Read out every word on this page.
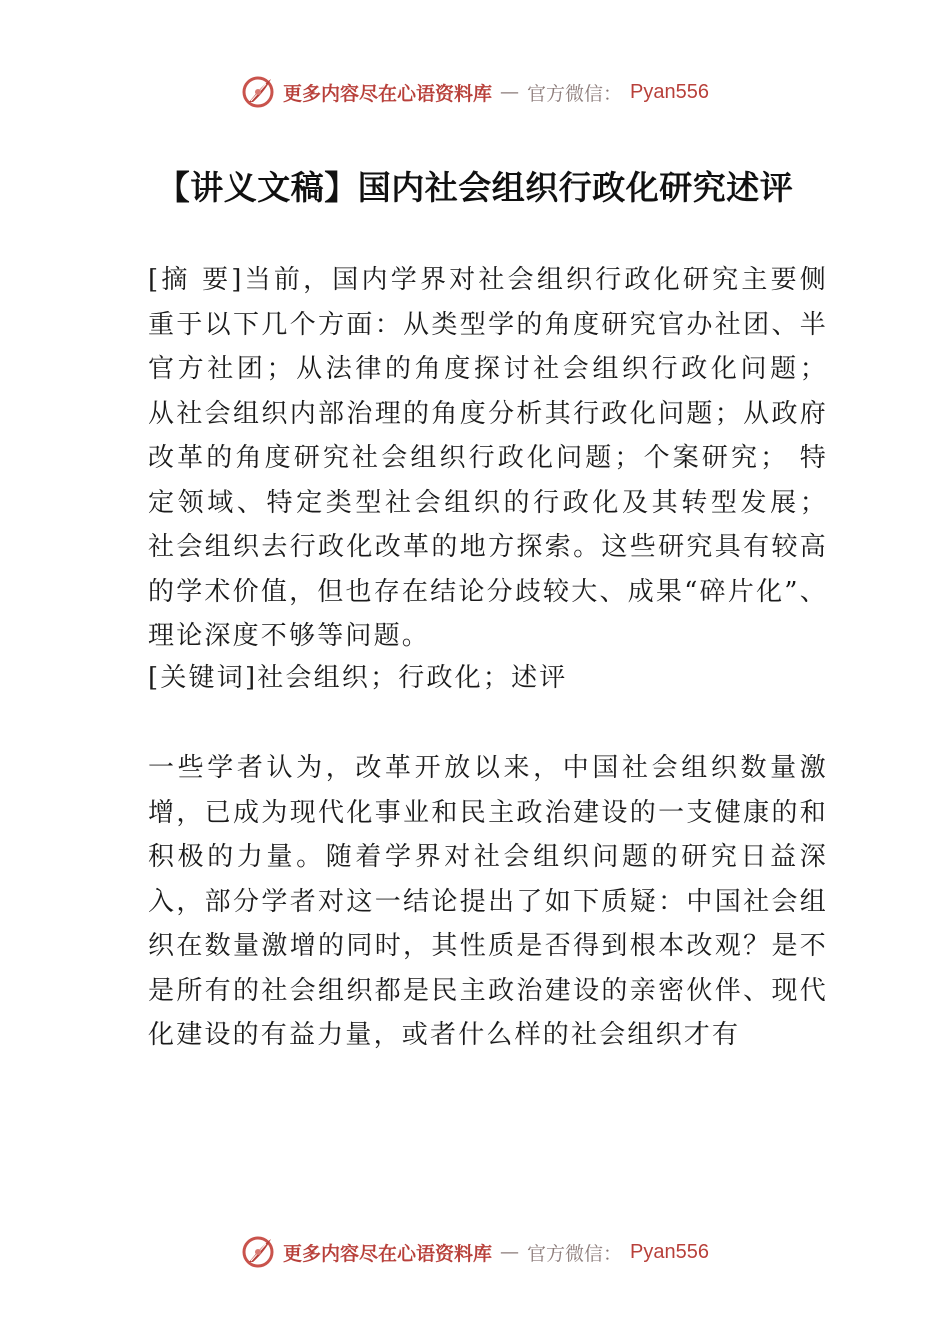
更多内容尽在心语资料库 — 官方微信： Pyan556
【讲义文稿】国内社会组织行政化研究述评

[摘 要]当前，国内学界对社会组织行政化研究主要侧重于以下几个方面：从类型学的角度研究官办社团、半官方社团；从法律的角度探讨社会组织行政化问题； 从社会组织内部治理的角度分析其行政化问题；从政府改革的角度研究社会组织行政化问题；个案研究； 特定领域、特定类型社会组织的行政化及其转型发展； 社会组织去行政化改革的地方探索。这些研究具有较高的学术价值，但也存在结论分歧较大、成果“碎片化”、理论深度不够等问题。

[关键词]社会组织；行政化；述评

一些学者认为，改革开放以来，中国社会组织数量激增，已成为现代化事业和民主政治建设的一支健康的和积极的力量。随着学界对社会组织问题的研究日益深入，部分学者对这一结论提出了如下质疑：中国社会组织在数量激增的同时，其性质是否得到根本改观？是不是所有的社会组织都是民主政治建设的亲密伙伴、现代化建设的有益力量，或者什么样的社会组织才有

更多内容尽在心语资料库 — 官方微信： Pyan556
